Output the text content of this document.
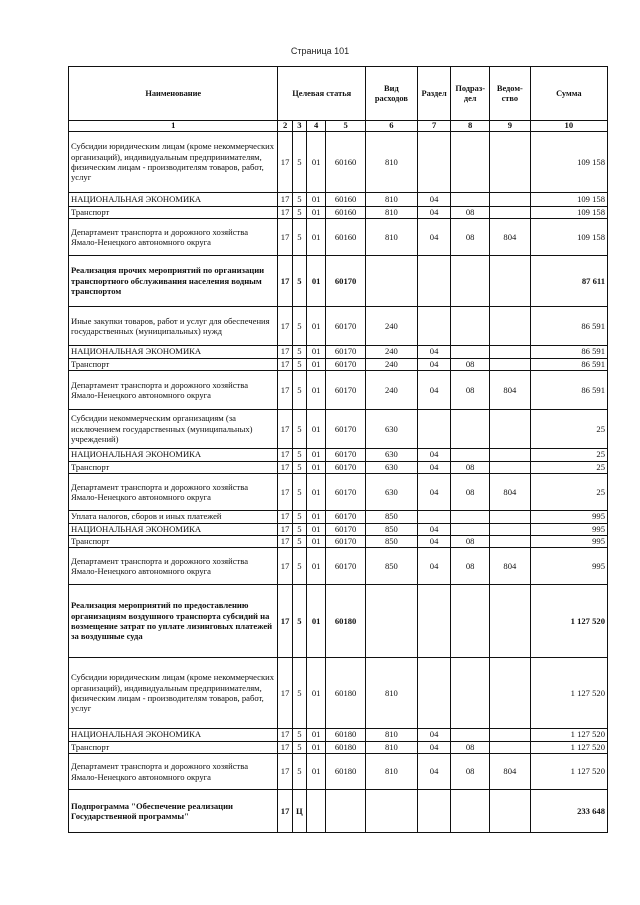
Страница 101
Наименование	Целевая статья				Вид расходов	Раздел	Подраз-дел	Ведом-ство	Сумма
1	2	3	4	5	6	7	8	9	10
Субсидии юридическим лицам (кроме некоммерческих организаций), индивидуальным предпринимателям, физическим лицам - производителям товаров, работ, услуг	17	5	01	60160	810				109 158
НАЦИОНАЛЬНАЯ ЭКОНОМИКА	17	5	01	60160	810	04			109 158
Транспорт	17	5	01	60160	810	04	08		109 158
Департамент транспорта и дорожного хозяйства Ямало-Ненецкого автономного округа	17	5	01	60160	810	04	08	804	109 158
Реализация прочих мероприятий по организации транспортного обслуживания населения водным транспортом	17	5	01	60170					87 611
Иные закупки товаров, работ и услуг для обеспечения государственных (муниципальных) нужд	17	5	01	60170	240				86 591
НАЦИОНАЛЬНАЯ ЭКОНОМИКА	17	5	01	60170	240	04			86 591
Транспорт	17	5	01	60170	240	04	08		86 591
Департамент транспорта и дорожного хозяйства Ямало-Ненецкого автономного округа	17	5	01	60170	240	04	08	804	86 591
Субсидии некоммерческим организациям (за исключением государственных (муниципальных) учреждений)	17	5	01	60170	630				25
НАЦИОНАЛЬНАЯ ЭКОНОМИКА	17	5	01	60170	630	04			25
Транспорт	17	5	01	60170	630	04	08		25
Департамент транспорта и дорожного хозяйства Ямало-Ненецкого автономного округа	17	5	01	60170	630	04	08	804	25
Уплата налогов, сборов и иных платежей	17	5	01	60170	850				995
НАЦИОНАЛЬНАЯ ЭКОНОМИКА	17	5	01	60170	850	04			995
Транспорт	17	5	01	60170	850	04	08		995
Департамент транспорта и дорожного хозяйства Ямало-Ненецкого автономного округа	17	5	01	60170	850	04	08	804	995
Реализация мероприятий по предоставлению организациям воздушного транспорта субсидий на возмещение затрат по уплате лизинговых платежей за воздушные суда	17	5	01	60180					1 127 520
Субсидии юридическим лицам (кроме некоммерческих организаций), индивидуальным предпринимателям, физическим лицам - производителям товаров, работ, услуг	17	5	01	60180	810				1 127 520
НАЦИОНАЛЬНАЯ ЭКОНОМИКА	17	5	01	60180	810	04			1 127 520
Транспорт	17	5	01	60180	810	04	08		1 127 520
Департамент транспорта и дорожного хозяйства Ямало-Ненецкого автономного округа	17	5	01	60180	810	04	08	804	1 127 520
Подпрограмма "Обеспечение реализации Государственной программы"	17	Ц							233 648
